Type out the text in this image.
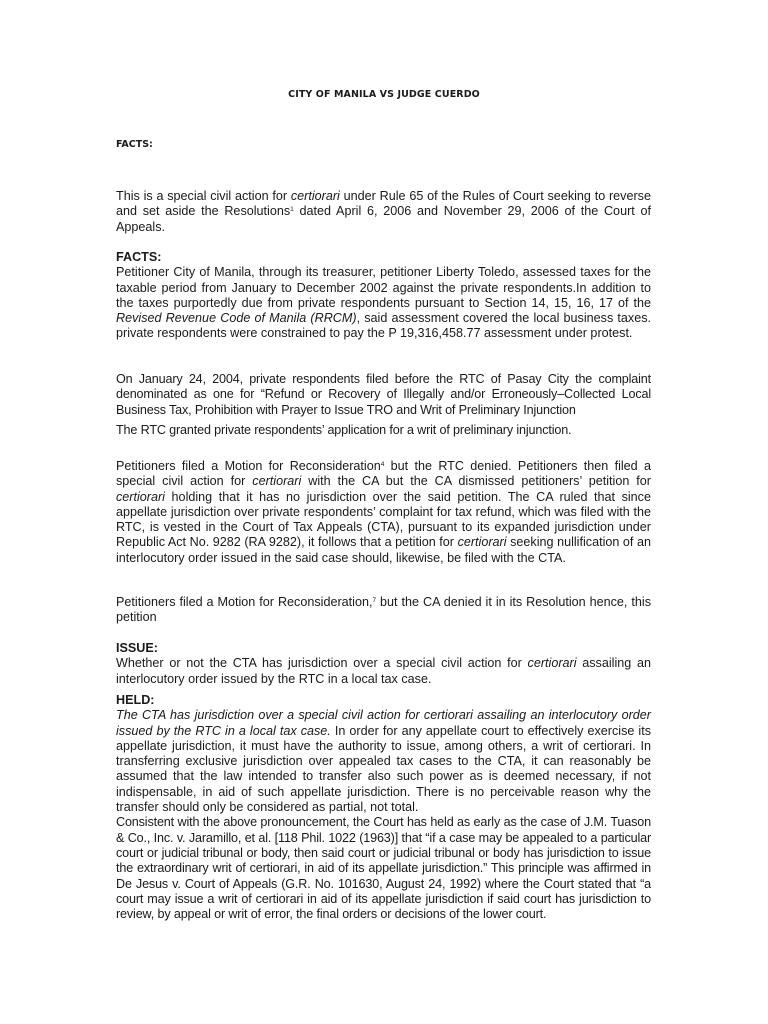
CITY OF MANILA VS JUDGE CUERDO
FACTS:

This is a special civil action for certiorari under Rule 65 of the Rules of Court seeking to reverse and set aside the Resolutions$^1$ dated April 6, 2006 and November 29, 2006 of the Court of Appeals.

FACTS:

Petitioner City of Manila, through its treasurer, petitioner Liberty Toledo, assessed taxes for the taxable period from January to December 2002 against the private respondents.In addition to the taxes purportedly due from private respondents pursuant to Section 14, 15, 16, 17 of the Revised Revenue Code of Manila (RRCM), said assessment covered the local business taxes. private respondents were constrained to pay the P 19,316,458.77 assessment under protest.

On January 24, 2004, private respondents filed before the RTC of Pasay City the complaint denominated as one for “Refund or Recovery of Illegally and/or Erroneously–Collected Local Business Tax, Prohibition with Prayer to Issue TRO and Writ of Preliminary Injunction

The RTC granted private respondents’ application for a writ of preliminary injunction.

Petitioners filed a Motion for Reconsideration$^4$ but the RTC denied. Petitioners then filed a special civil action for certiorari with the CA but the CA dismissed petitioners’ petition for certiorari holding that it has no jurisdiction over the said petition. The CA ruled that since appellate jurisdiction over private respondents’ complaint for tax refund, which was filed with the RTC, is vested in the Court of Tax Appeals (CTA), pursuant to its expanded jurisdiction under Republic Act No. 9282 (RA 9282), it follows that a petition for certiorari seeking nullification of an interlocutory order issued in the said case should, likewise, be filed with the CTA.

Petitioners filed a Motion for Reconsideration,$^7$ but the CA denied it in its Resolution hence, this petition

ISSUE:

Whether or not the CTA has jurisdiction over a special civil action for certiorari assailing an interlocutory order issued by the RTC in a local tax case.

HELD:

The CTA has jurisdiction over a special civil action for certiorari assailing an interlocutory order issued by the RTC in a local tax case. In order for any appellate court to effectively exercise its appellate jurisdiction, it must have the authority to issue, among others, a writ of certiorari. In transferring exclusive jurisdiction over appealed tax cases to the CTA, it can reasonably be assumed that the law intended to transfer also such power as is deemed necessary, if not indispensable, in aid of such appellate jurisdiction. There is no perceivable reason why the transfer should only be considered as partial, not total.

Consistent with the above pronouncement, the Court has held as early as the case of J.M. Tuason & Co., Inc. v. Jaramillo, et al. [118 Phil. 1022 (1963)] that “if a case may be appealed to a particular court or judicial tribunal or body, then said court or judicial tribunal or body has jurisdiction to issue the extraordinary writ of certiorari, in aid of its appellate jurisdiction.” This principle was affirmed in De Jesus v. Court of Appeals (G.R. No. 101630, August 24, 1992) where the Court stated that “a court may issue a writ of certiorari in aid of its appellate jurisdiction if said court has jurisdiction to review, by appeal or writ of error, the final orders or decisions of the lower court.
